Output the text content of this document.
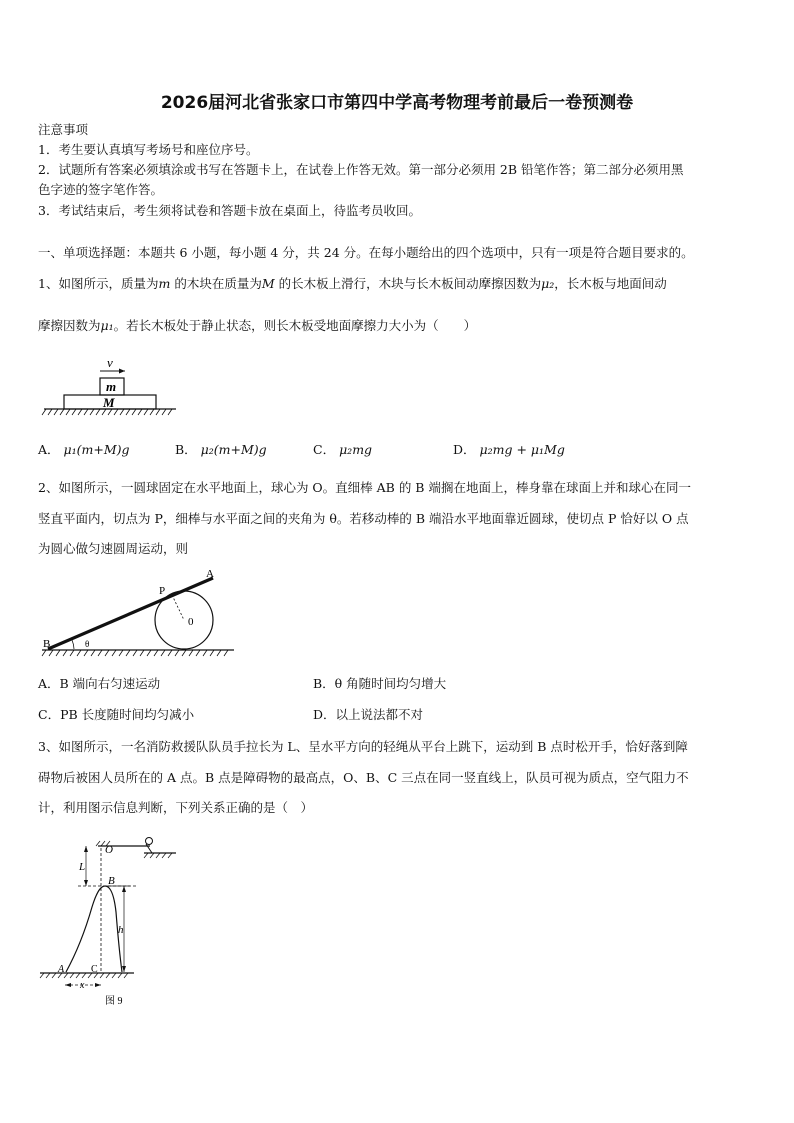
2026届河北省张家口市第四中学高考物理考前最后一卷预测卷
注意事项
1．考生要认真填写考场号和座位序号。
2．试题所有答案必须填涂或书写在答题卡上，在试卷上作答无效。第一部分必须用 2B 铅笔作答；第二部分必须用黑
色字迹的签字笔作答。
3．考试结束后，考生须将试卷和答题卡放在桌面上，待监考员收回。
一、单项选择题：本题共 6 小题，每小题 4 分，共 24 分。在每小题给出的四个选项中，只有一项是符合题目要求的。
1、如图所示，质量为m 的木块在质量为M 的长木板上滑行，木块与长木板间动摩擦因数为μ₂，长木板与地面间动
摩擦因数为μ₁。若长木板处于静止状态，则长木板受地面摩擦力大小为（　　）
v
m
M
A． μ₁(m+M)g	B． μ₂(m+M)g	C． μ₂mg	D． μ₂mg + μ₁Mg
2、如图所示，一圆球固定在水平地面上，球心为 O。直细棒 AB 的 B 端搁在地面上，棒身靠在球面上并和球心在同一
竖直平面内，切点为 P，细棒与水平面之间的夹角为 θ。若移动棒的 B 端沿水平地面靠近圆球，使切点 P 恰好以 O 点
为圆心做匀速圆周运动，则
A
P
0
B	θ
A．B 端向右匀速运动	B．θ 角随时间均匀增大
C．PB 长度随时间均匀减小	D．以上说法都不对
3、如图所示，一名消防救援队队员手拉长为 L、呈水平方向的轻绳从平台上跳下，运动到 B 点时松开手，恰好落到障
碍物后被困人员所在的 A 点。B 点是障碍物的最高点，O、B、C 三点在同一竖直线上，队员可视为质点，空气阻力不
计，利用图示信息判断，下列关系正确的是（　）
O
L
B
h
A	C
x
图 9
